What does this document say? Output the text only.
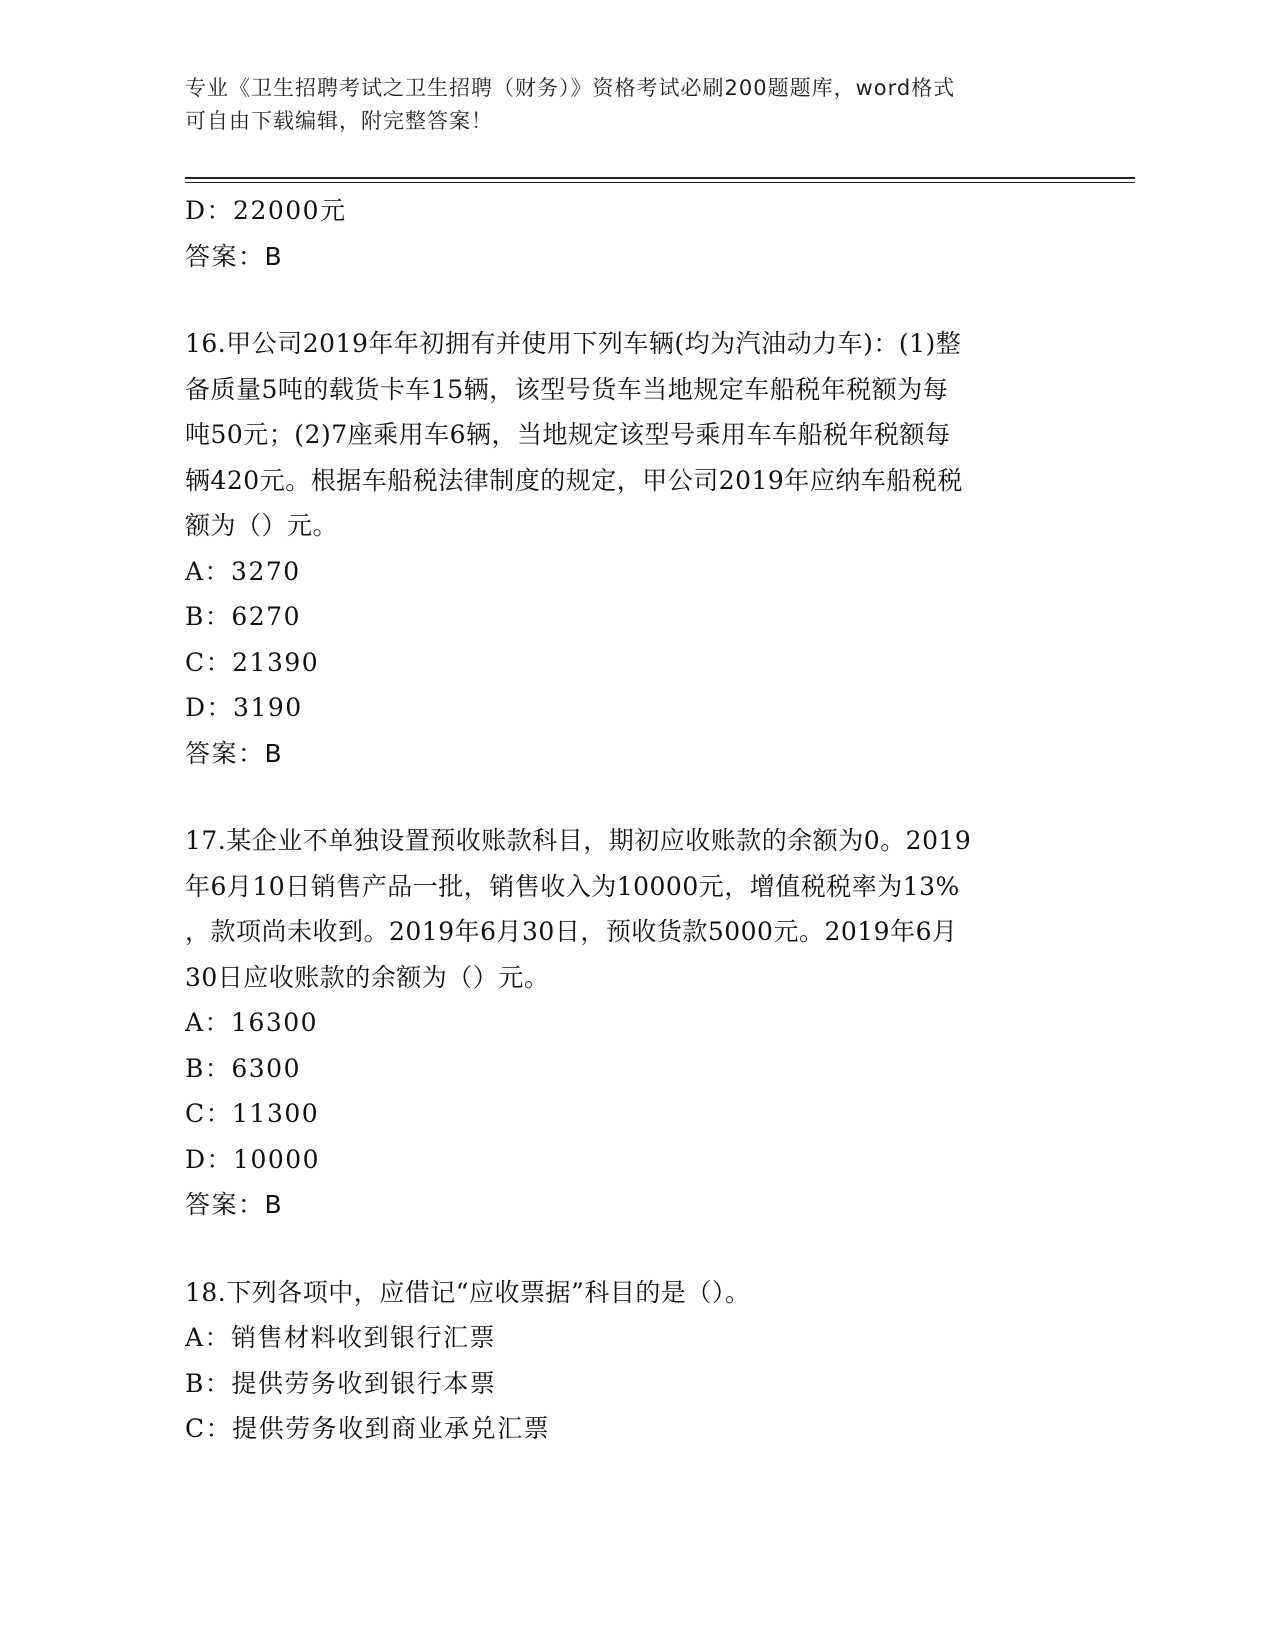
专业《卫生招聘考试之卫生招聘（财务）》资格考试必刷200题题库，word格式
可自由下载编辑，附完整答案！
D：22000元
答案：B
16.甲公司2019年年初拥有并使用下列车辆(均为汽油动力车)：(1)整
备质量5吨的载货卡车15辆，该型号货车当地规定车船税年税额为每
吨50元；(2)7座乘用车6辆，当地规定该型号乘用车车船税年税额每
辆420元。根据车船税法律制度的规定，甲公司2019年应纳车船税税
额为（）元。
A：3270
B：6270
C：21390
D：3190
答案：B
17.某企业不单独设置预收账款科目，期初应收账款的余额为0。2019
年6月10日销售产品一批，销售收入为10000元，增值税税率为13%
，款项尚未收到。2019年6月30日，预收货款5000元。2019年6月
30日应收账款的余额为（）元。
A：16300
B：6300
C：11300
D：10000
答案：B
18.下列各项中，应借记“应收票据”科目的是（）。
A：销售材料收到银行汇票
B：提供劳务收到银行本票
C：提供劳务收到商业承兑汇票
